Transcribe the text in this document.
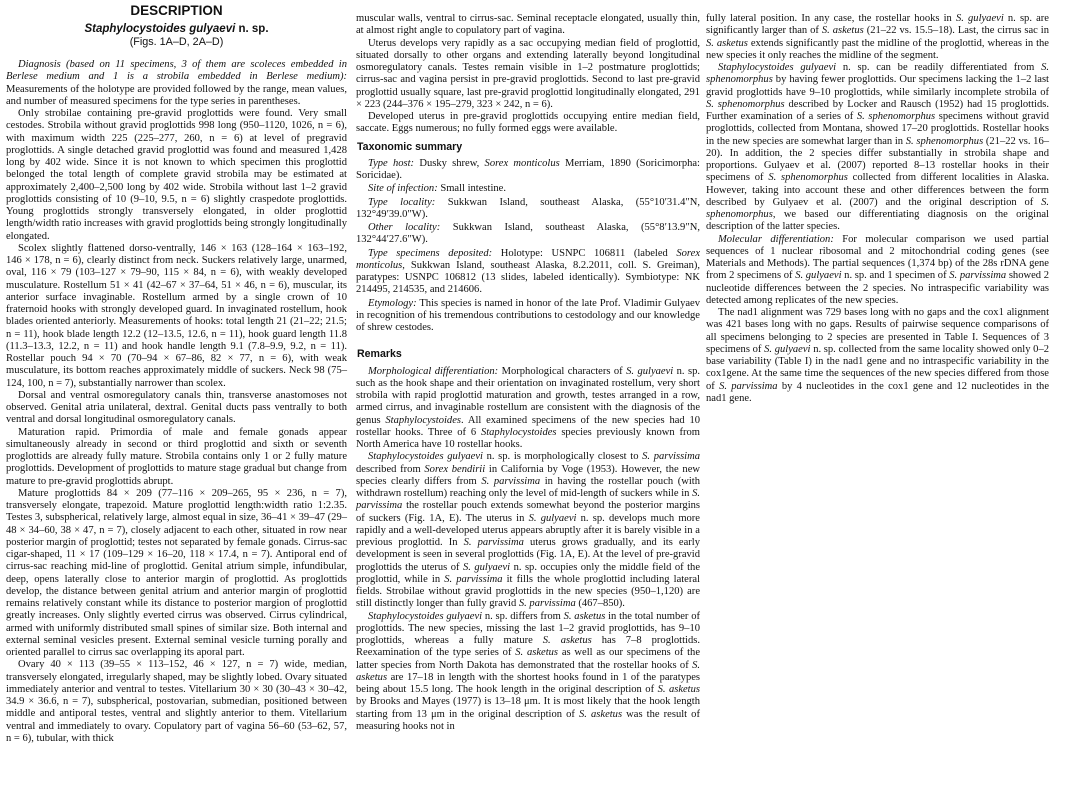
DESCRIPTION
Staphylocystoides gulyaevi n. sp.
(Figs. 1A–D, 2A–D)

Diagnosis (based on 11 specimens, 3 of them are scoleces embedded in Berlese medium and 1 is a strobila embedded in Berlese medium): Measurements of the holotype are provided followed by the range, mean values, and number of measured specimens for the type series in parentheses.

Only strobilae containing pre-gravid proglottids were found. Very small cestodes. Strobila without gravid proglottids 998 long (950–1120, 1026, n = 6), with maximum width 225 (225–277, 260, n = 6) at level of pregravid proglottids. A single detached gravid proglottid was found and measured 1,428 long by 402 wide. Since it is not known to which specimen this proglottid belonged the total length of complete gravid strobila may be estimated at approximately 2,400–2,500 long by 402 wide. Strobila without last 1–2 gravid proglottids consisting of 10 (9–10, 9.5, n = 6) slightly craspedote proglottids. Young proglottids strongly transversely elongated, in older proglottid length/width ratio increases with gravid proglottids being strongly longitudinally elongated.

Scolex slightly flattened dorso-ventrally, 146 × 163 (128–164 × 163–192, 146 × 178, n = 6), clearly distinct from neck. Suckers relatively large, unarmed, oval, 116 × 79 (103–127 × 79–90, 115 × 84, n = 6), with weakly developed musculature. Rostellum 51 × 41 (42–67 × 37–64, 51 × 46, n = 6), muscular, its anterior surface invaginable. Rostellum armed by a single crown of 10 fraternoid hooks with strongly developed guard. In invaginated rostellum, hook blades oriented anteriorly. Measurements of hooks: total length 21 (21–22; 21.5; n = 11), hook blade length 12.2 (12–13.5, 12.6, n = 11), hook guard length 11.8 (11.3–13.3, 12.2, n = 11) and hook handle length 9.1 (7.8–9.9, 9.2, n = 11). Rostellar pouch 94 × 70 (70–94 × 67–86, 82 × 77, n = 6), with weak musculature, its bottom reaches approximately middle of suckers. Neck 98 (75–124, 100, n = 7), substantially narrower than scolex.

Dorsal and ventral osmoregulatory canals thin, transverse anastomoses not observed. Genital atria unilateral, dextral. Genital ducts pass ventrally to both ventral and dorsal longitudinal osmoregulatory canals.

Maturation rapid. Primordia of male and female gonads appear simultaneously already in second or third proglottid and sixth or seventh proglottids are already fully mature. Strobila contains only 1 or 2 fully mature proglottids. Development of proglottids to mature stage gradual but change from mature to pre-gravid proglottids abrupt.

Mature proglottids 84 × 209 (77–116 × 209–265, 95 × 236, n = 7), transversely elongate, trapezoid. Mature proglottid length:width ratio 1:2.35. Testes 3, subspherical, relatively large, almost equal in size, 36–41 × 39–47 (29–48 × 34–60, 38 × 47, n = 7), closely adjacent to each other, situated in row near posterior margin of proglottid; testes not separated by female gonads. Cirrus-sac cigar-shaped, 11 × 17 (109–129 × 16–20, 118 × 17.4, n = 7). Antiporal end of cirrus-sac reaching mid-line of proglottid. Genital atrium simple, infundibular, deep, opens laterally close to anterior margin of proglottid. As proglottids develop, the distance between genital atrium and anterior margin of proglottid remains relatively constant while its distance to posterior margion of proglottid greatly increases. Only slightly everted cirrus was observed. Cirrus cylindrical, armed with uniformly distributed small spines of similar size. Both internal and external seminal vesicles present. External seminal vesicle turning porally and oriented parallel to cirrus sac overlapping its aporal part.

Ovary 40 × 113 (39–55 × 113–152, 46 × 127, n = 7) wide, median, transversely elongated, irregularly shaped, may be slightly lobed. Ovary situated immediately anterior and ventral to testes. Vitellarium 30 × 30 (30–43 × 30–42, 34.9 × 36.6, n = 7), subspherical, postovarian, submedian, positioned between middle and antiporal testes, ventral and slightly anterior to them. Vitellarium ventral and immediately to ovary. Copulatory part of vagina 56–60 (53–62, 57, n = 6), tubular, with thick

muscular walls, ventral to cirrus-sac. Seminal receptacle elongated, usually thin, at almost right angle to copulatory part of vagina.

Uterus develops very rapidly as a sac occupying median field of proglottid, situated dorsally to other organs and extending laterally beyond longitudinal osmoregulatory canals. Testes remain visible in 1–2 postmature proglottids; cirrus-sac and vagina persist in pre-gravid proglottids. Second to last pre-gravid proglottid usually square, last pre-gravid proglottid longitudinally elongated, 291 × 223 (244–376 × 195–279, 323 × 242, n = 6).

Developed uterus in pre-gravid proglottids occupying entire median field, saccate. Eggs numerous; no fully formed eggs were available.

Taxonomic summary

Type host: Dusky shrew, Sorex monticolus Merriam, 1890 (Soricimorpha: Soricidae).

Site of infection: Small intestine.

Type locality: Sukkwan Island, southeast Alaska, (55°10′31.4″N, 132°49′39.0″W).

Other locality: Sukkwan Island, southeast Alaska, (55°8′13.9″N, 132°44′27.6″W).

Type specimens deposited: Holotype: USNPC 106811 (labeled Sorex monticolus, Sukkwan Island, southeast Alaska, 8.2.2011, coll. S. Greiman), paratypes: USNPC 106812 (13 slides, labeled identically). Symbiotype: NK 214495, 214535, and 214606.

Etymology: This species is named in honor of the late Prof. Vladimir Gulyaev in recognition of his tremendous contributions to cestodology and our knowledge of shrew cestodes.

Remarks

Morphological differentiation: Morphological characters of S. gulyaevi n. sp. such as the hook shape and their orientation on invaginated rostellum, very short strobila with rapid proglottid maturation and growth, testes arranged in a row, armed cirrus, and invaginable rostellum are consistent with the diagnosis of the genus Staphylocystoides. All examined specimens of the new species had 10 rostellar hooks. Three of 6 Staphylocystoides species previously known from North America have 10 rostellar hooks.

Staphylocystoides gulyaevi n. sp. is morphologically closest to S. parvissima described from Sorex bendirii in California by Voge (1953). However, the new species clearly differs from S. parvissima in having the rostellar pouch (with withdrawn rostellum) reaching only the level of mid-length of suckers while in S. parvissima the rostellar pouch extends somewhat beyond the posterior margins of suckers (Fig. 1A, E). The uterus in S. gulyaevi n. sp. develops much more rapidly and a well-developed uterus appears abruptly after it is barely visible in a previous proglottid. In S. parvissima uterus grows gradually, and its early development is seen in several proglottids (Fig. 1A, E). At the level of pre-gravid proglottids the uterus of S. gulyaevi n. sp. occupies only the middle field of the proglottid, while in S. parvissima it fills the whole proglottid including lateral fields. Strobilae without gravid proglottids in the new species (950–1,120) are still distinctly longer than fully gravid S. parvissima (467–850).

Staphylocystoides gulyaevi n. sp. differs from S. asketus in the total number of proglottids. The new species, missing the last 1–2 gravid proglottids, has 9–10 proglottids, whereas a fully mature S. asketus has 7–8 proglottids. Reexamination of the type series of S. asketus as well as our specimens of the latter species from North Dakota has demonstrated that the rostellar hooks of S. asketus are 17–18 in length with the shortest hooks found in 1 of the paratypes being about 15.5 long. The hook length in the original description of S. asketus by Brooks and Mayes (1977) is 13–18 μm. It is most likely that the hook length starting from 13 μm in the original description of S. asketus was the result of measuring hooks not in

fully lateral position. In any case, the rostellar hooks in S. gulyaevi n. sp. are significantly larger than of S. asketus (21–22 vs. 15.5–18). Last, the cirrus sac in S. asketus extends significantly past the midline of the proglottid, whereas in the new species it only reaches the midline of the segment.

Staphylocystoides gulyaevi n. sp. can be readily differentiated from S. sphenomorphus by having fewer proglottids. Our specimens lacking the 1–2 last gravid proglottids have 9–10 proglottids, while similarly incomplete strobila of S. sphenomorphus described by Locker and Rausch (1952) had 15 proglottids. Further examination of a series of S. sphenomorphus specimens without gravid proglottids, collected from Montana, showed 17–20 proglottids. Rostellar hooks in the new species are somewhat larger than in S. sphenomorphus (21–22 vs. 16–20). In addition, the 2 species differ substantially in strobila shape and proportions. Gulyaev et al. (2007) reported 8–13 rostellar hooks in their specimens of S. sphenomorphus collected from different localities in Alaska. However, taking into account these and other differences between the form described by Gulyaev et al. (2007) and the original description of S. sphenomorphus, we based our differentiating diagnosis on the original description of the latter species.

Molecular differentiation: For molecular comparison we used partial sequences of 1 nuclear ribosomal and 2 mitochondrial coding genes (see Materials and Methods). The partial sequences (1,374 bp) of the 28s rDNA gene from 2 specimens of S. gulyaevi n. sp. and 1 specimen of S. parvissima showed 2 nucleotide differences between the 2 species. No intraspecific variability was detected among replicates of the new species.

The nad1 alignment was 729 bases long with no gaps and the cox1 alignment was 421 bases long with no gaps. Results of pairwise sequence comparisons of all specimens belonging to 2 species are presented in Table I. Sequences of 3 specimens of S. gulyaevi n. sp. collected from the same locality showed only 0–2 base variability (Table I) in the nad1 gene and no intraspecific variability in the cox1gene. At the same time the sequences of the new species differed from those of S. parvissima by 4 nucleotides in the cox1 gene and 12 nucleotides in the nad1 gene.
